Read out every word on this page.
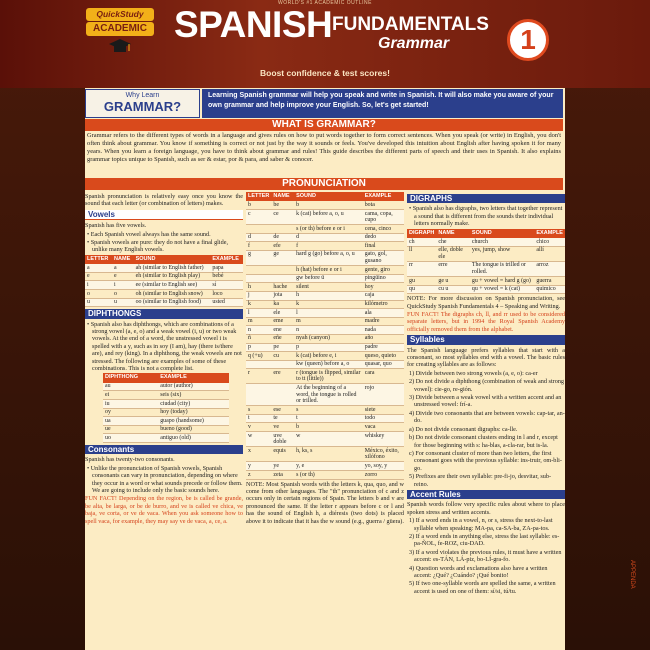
APPENDA
WORLD'S #1 ACADEMIC OUTLINE
QuickStudy
ACADEMIC SPANISH FUNDAMENTALS
Grammar	1
Boost confidence & test scores!
Why Learn
GRAMMAR?
Learning Spanish grammar will help you speak and write in Spanish. It will also make you aware of your own grammar and help improve your English. So, let's get started!
WHAT IS GRAMMAR?
Grammar refers to the different types of words in a language and gives rules on how to put words together to form correct sentences. When you speak (or write) in English, you don't often think about grammar. You know if something is correct or not just by the way it sounds or feels. You've developed this intuition about English after having spoken it for many years. When you learn a foreign language, you have to think about grammar and rules! This guide describes the different parts of speech and their uses in Spanish. It also explains grammar topics unique to Spanish, such as ser & estar, por & para, and saber & conocer.
PRONUNCIATION
Spanish pronunciation is relatively easy once you know the sound that each letter (or combination of letters) makes.
Vowels
Spanish has five vowels.
• Each Spanish vowel always has the same sound.
• Spanish vowels are pure: they do not have a final glide, unlike many English vowels.
LETTER	NAME	SOUND	EXAMPLE
a	a	ah (similar to English father)	papa
e	e	eh (similar to English play)	bebé
i	i	ee (similar to English see)	sí
o	o	oh (similar to English snow)	loco
u	u	oo (similar to English food)	usted
DIPHTHONGS
• Spanish also has diphthongs, which are combinations of a strong vowel (a, e, o) and a weak vowel (i, u) or two weak vowels. At the end of a word, the unstressed vowel i is spelled with a y, such as in soy (I am), hay (there is/there are), and rey (king). In a diphthong, the weak vowels are not stressed. The following are examples of some of these combinations. This is not a complete list.
DIPHTHONG	EXAMPLE
au	autor (author)
ei	seis (six)
iu	ciudad (city)
oy	hoy (today)
ua	guapo (handsome)
ue	bueno (good)
uo	antiguo (old)
Consonants
Spanish has twenty-two consonants.
• Unlike the pronunciation of Spanish vowels, Spanish consonants can vary in pronunciation, depending on where they occur in a word or what sounds precede or follow them. We are going to include only the basic sounds here.
FUN FACT! Depending on the region, be is called be grande, be alta, be larga, or be de burro, and ve is called ve chica, ve baja, ve corta, or ve de vaca. When you ask someone how to spell vaca, for example, they may say ve de vaca, a, ce, a.
LETTER	NAME	SOUND	EXAMPLE
b	be	b	bota
c	ce	k (cat) before a, o, u	cama, copa, cupo
		s (or th) before e or i	cena, cinco
d	de	d	dedo
f	efe	f	final
g	ge	hard g (go) before a, o, u	gato, gol, gusano
		h (hat) before e or i	gente, giro
		gw before ü	pingüino
h	hache	silent	hoy
j	jota	h	caja
k	ka	k	kilómetro
l	ele	l	ala
m	eme	m	madre
n	ene	n	nada
ñ	eñe	nyah (canyon)	año
p	pe	p	padre
q (+u)	cu	k (cat) before e, i	queso, quieto
		kw (queen) before a, o	quasar, quo
r	ere	r (tongue is flipped, similar to tt (little))	cara
		At the beginning of a word, the tongue is rolled or trilled.	rojo
s	ese	s	siete
t	te	t	todo
v	ve	b	vaca
w	uve doble	w	whiskey
x	equis	h, ks, s	México, éxito, xilófono
y	ye	y, e	yo, soy, y
z	zeta	s (or th)	zorro
NOTE: Most Spanish words with the letters k, qua, quo, and w come from other languages. The "th" pronunciation of c and z occurs only in certain regions of Spain. The letters b and v are pronounced the same. If the letter r appears before c or l and has the sound of English h, a diéresis (two dots) is placed above it to indicate that it has the w sound (e.g., guerra / güera).
DIGRAPHS
• Spanish also has digraphs, two letters that together represent a sound that is different from the sounds their individual letters normally make.
DIGRAPH	NAME	SOUND	EXAMPLE
ch	che	church	chico
ll	elle, doble ele	yes, jump, show	allí
rr	erre	The tongue is trilled or rolled.	arroz
gu	ge u	gu + vowel = hard g (go)	guerra
qu	cu u	qu + vowel = k (cat)	quimico
NOTE: For more discussion on Spanish pronunciation, see QuickStudy Spanish Fundamentals 4 – Speaking and Writing.
FUN FACT! The digraphs ch, ll, and rr used to be considered separate letters, but in 1994 the Royal Spanish Academy officially removed them from the alphabet.
Syllables
The Spanish language prefers syllables that start with a consonant, so most syllables end with a vowel. The basic rules for creating syllables are as follows:
1) Divide between two strong vowels (a, e, o): ca-er
2) Do not divide a diphthong (combination of weak and strong vowel): cie-go, re-gión.
3) Divide between a weak vowel with a written accent and an unstressed vowel: frí-a.
4) Divide two consonants that are between vowels: cap-tar, an-do.
a) Do not divide consonant digraphs: ca-lle.
b) Do not divide consonant clusters ending in l and r, except for those beginning with s: ha-blas, a-cla-rar, but is-la.
c) For consonant cluster of more than two letters, the first consonant goes with the previous syllable: ins-truir, om-bli-go.
5) Prefixes are their own syllable: pre-fi-jo, desvitar, sub-reino.
Accent Rules
Spanish words follow very specific rules about where to place spoken stress and written accents.
1) If a word ends in a vowel, n, or s, stress the next-to-last syllable when speaking: MA-pa, ca-SA-ba, ZA-pa-tos.
2) If a word ends in anything else, stress the last syllable: es-pa-ÑOL, fe-ROZ, ciu-DAD.
3) If a word violates the previous rules, it must have a written accent: es-TÁN, LÁ-piz, bo-LÍ-gra-fo.
4) Question words and exclamations also have a written accent: ¿Qué? ¿Cuándo? ¡Qué bonito!
5) If two one-syllable words are spelled the same, a written accent is used on one of them: sí/si, tú/tu.
